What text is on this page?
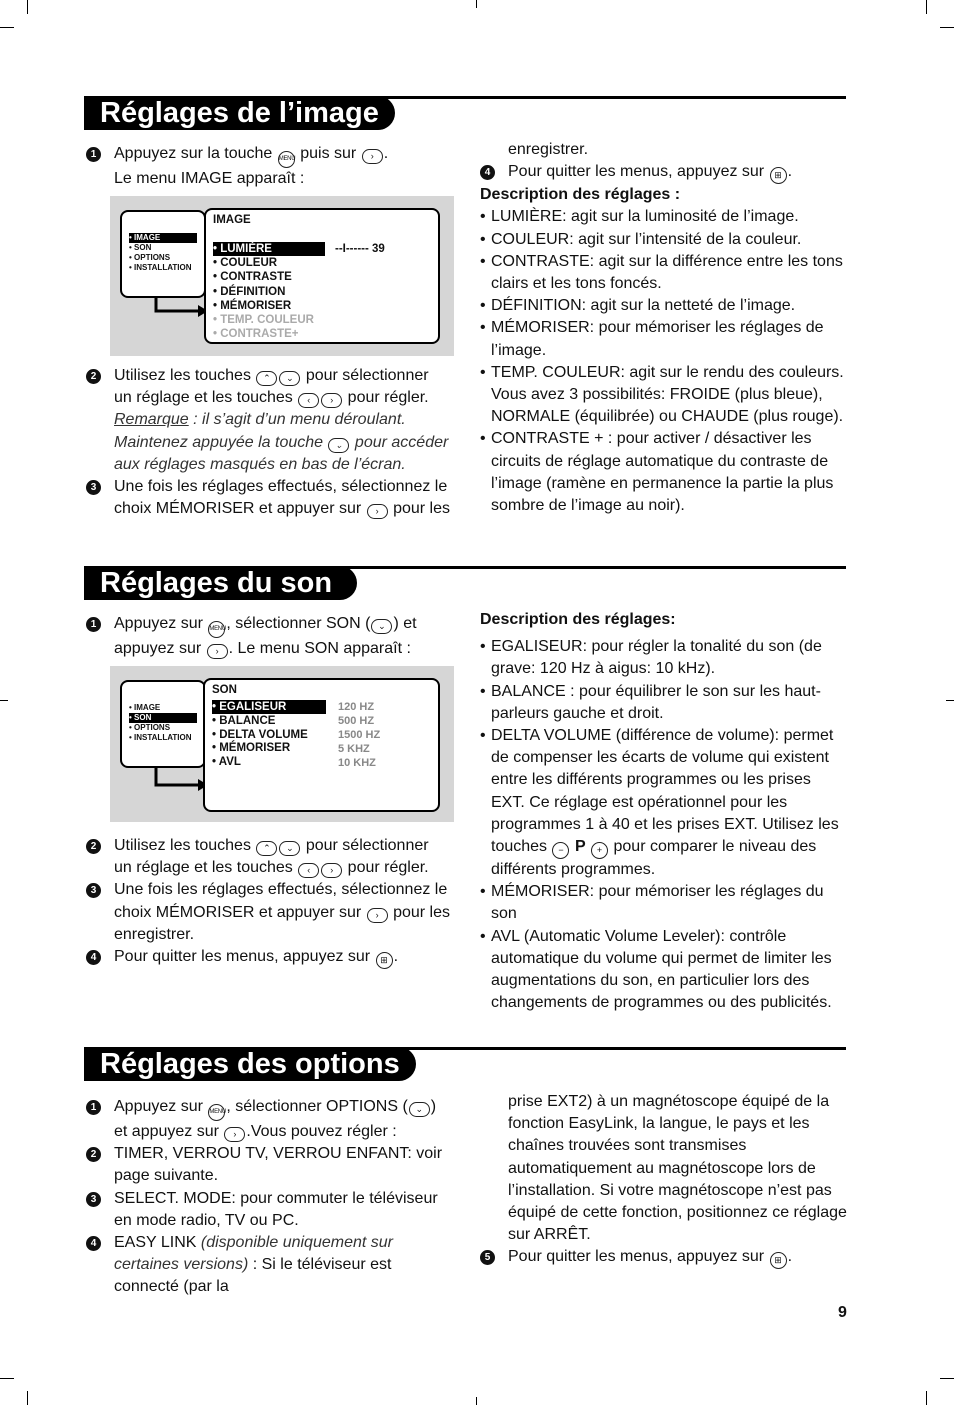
Réglages de l’image
1 Appuyez sur la touche MENU puis sur › .

Le menu IMAGE apparaît :

• IMAGE
• SON
• OPTIONS
• INSTALLATION
IMAGE
• LUMIÈRE
• COULEUR
• CONTRASTE
• DÉFINITION
• MÉMORISER
• TEMP. COULEUR
• CONTRASTE+
--I------ 39
2 Utilisez les touches ⌃ ⌄ pour sélectionner

un réglage et les touches ‹ › pour régler.

Remarque : il s’agit d’un menu déroulant.

Maintenez appuyée la touche ⌄ pour accéder

aux réglages masqués en bas de l’écran.

3 Une fois les réglages effectués, sélectionnez le

choix MÉMORISER et appuyer sur › pour les

enregistrer.

4 Pour quitter les menus, appuyez sur ⊞ .

Description des réglages :

• LUMIÈRE: agit sur la luminosité de l’image.
• COULEUR: agit sur l’intensité de la couleur.
• CONTRASTE: agit sur la différence entre les tons clairs et les tons foncés.
• DÉFINITION: agit sur la netteté de l’image.
• MÉMORISER: pour mémoriser les réglages de l’image.
• TEMP. COULEUR: agit sur le rendu des couleurs. Vous avez 3 possibilités: FROIDE (plus bleue), NORMALE (équilibrée) ou CHAUDE (plus rouge).
• CONTRASTE + : pour activer / désactiver les circuits de réglage automatique du contraste de l’image (ramène en permanence la partie la plus sombre de l’image au noir).
Réglages du son
1 Appuyez sur MENU, sélectionner SON ( ⌄ ) et

appuyez sur › . Le menu SON apparaît :

• IMAGE
• SON
• OPTIONS
• INSTALLATION
SON
• EGALISEUR
• BALANCE
• DELTA VOLUME
• MÉMORISER
• AVL
120 HZ
500 HZ
1500 HZ
5 KHZ
10 KHZ
2 Utilisez les touches ⌃ ⌄ pour sélectionner

un réglage et les touches ‹ › pour régler.

3 Une fois les réglages effectués, sélectionnez le

choix MÉMORISER et appuyer sur › pour les

enregistrer.

4 Pour quitter les menus, appuyez sur ⊞ .

Description des réglages:

• EGALISEUR: pour régler la tonalité du son (de grave: 120 Hz à aigus: 10 kHz).
• BALANCE : pour équilibrer le son sur les haut-parleurs gauche et droit.
• DELTA VOLUME (différence de volume): permet de compenser les écarts de volume qui existent entre les différents programmes ou les prises EXT. Ce réglage est opérationnel pour les programmes 1 à 40 et les prises EXT. Utilisez les

touches − P + pour comparer le niveau des

différents programmes.

• MÉMORISER: pour mémoriser les réglages du son
• AVL (Automatic Volume Leveler): contrôle automatique du volume qui permet de limiter les augmentations du son, en particulier lors des changements de programmes ou des publicités.
Réglages des options
1 Appuyez sur MENU, sélectionner OPTIONS ( ⌄ )

et appuyez sur › .Vous pouvez régler :

2 TIMER, VERROU TV, VERROU ENFANT: voir page suivante.

3 SELECT. MODE: pour commuter le téléviseur en mode radio, TV ou PC.

4 EASY LINK (disponible uniquement sur certaines versions) : Si le téléviseur est connecté (par la

prise EXT2) à un magnétoscope équipé de la fonction EasyLink, la langue, le pays et les chaînes trouvées sont transmises automatiquement au magnétoscope lors de l’installation. Si votre magnétoscope n’est pas équipé de cette fonction, positionnez ce réglage sur ARRÊT.

5 Pour quitter les menus, appuyez sur ⊞ .

9
